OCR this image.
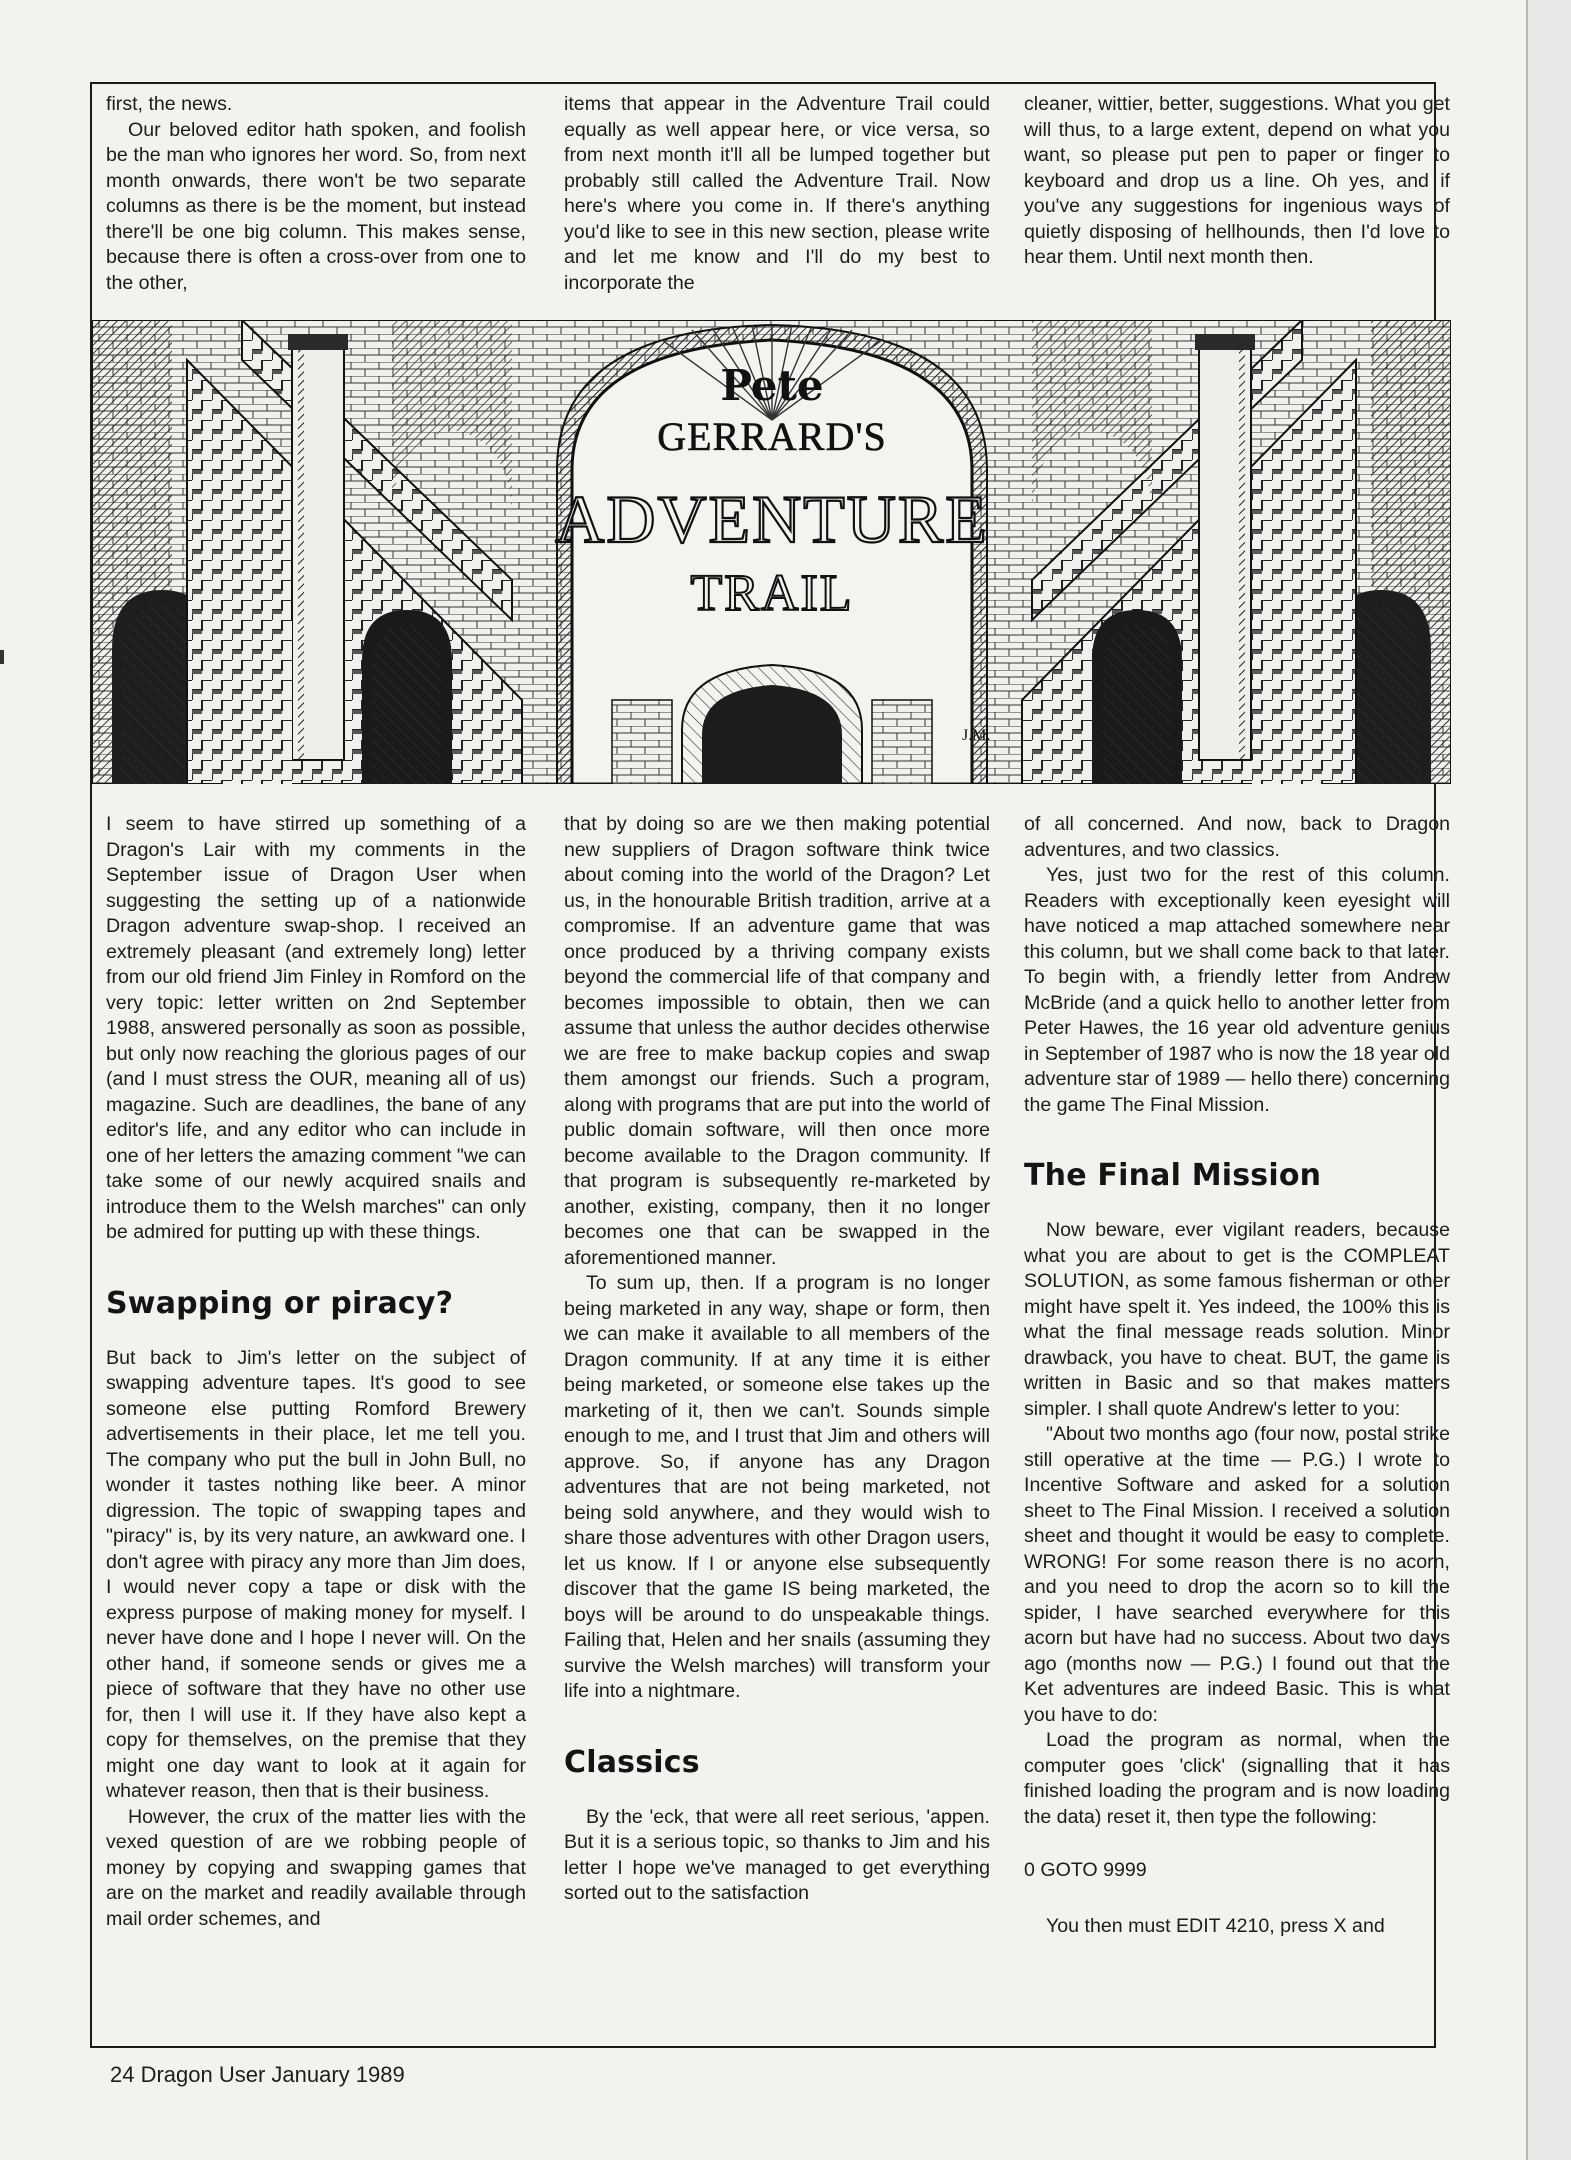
first, the news.

Our beloved editor hath spoken, and foolish be the man who ignores her word. So, from next month onwards, there won't be two separate columns as there is be the moment, but instead there'll be one big column. This makes sense, because there is often a cross-over from one to the other,

items that appear in the Adventure Trail could equally as well appear here, or vice versa, so from next month it'll all be lumped together but probably still called the Adventure Trail. Now here's where you come in. If there's anything you'd like to see in this new section, please write and let me know and I'll do my best to incorporate the

cleaner, wittier, better, suggestions. What you get will thus, to a large extent, depend on what you want, so please put pen to paper or finger to keyboard and drop us a line. Oh yes, and if you've any suggestions for ingenious ways of quietly disposing of hellhounds, then I'd love to hear them. Until next month then.

Pete
GERRARD'S
ADVENTURE
TRAIL
J.M.

I seem to have stirred up something of a Dragon's Lair with my comments in the September issue of Dragon User when suggesting the setting up of a nationwide Dragon adventure swap-shop. I received an extremely pleasant (and extremely long) letter from our old friend Jim Finley in Romford on the very topic: letter written on 2nd September 1988, answered personally as soon as possible, but only now reaching the glorious pages of our (and I must stress the OUR, meaning all of us) magazine. Such are deadlines, the bane of any editor's life, and any editor who can include in one of her letters the amazing comment "we can take some of our newly acquired snails and introduce them to the Welsh marches" can only be admired for putting up with these things.

Swapping or piracy?

But back to Jim's letter on the subject of swapping adventure tapes. It's good to see someone else putting Romford Brewery advertisements in their place, let me tell you. The company who put the bull in John Bull, no wonder it tastes nothing like beer. A minor digression. The topic of swapping tapes and "piracy" is, by its very nature, an awkward one. I don't agree with piracy any more than Jim does, I would never copy a tape or disk with the express purpose of making money for myself. I never have done and I hope I never will. On the other hand, if someone sends or gives me a piece of software that they have no other use for, then I will use it. If they have also kept a copy for themselves, on the premise that they might one day want to look at it again for whatever reason, then that is their business.

However, the crux of the matter lies with the vexed question of are we robbing people of money by copying and swapping games that are on the market and readily available through mail order schemes, and

that by doing so are we then making potential new suppliers of Dragon software think twice about coming into the world of the Dragon? Let us, in the honourable British tradition, arrive at a compromise. If an adventure game that was once produced by a thriving company exists beyond the commercial life of that company and becomes impossible to obtain, then we can assume that unless the author decides otherwise we are free to make backup copies and swap them amongst our friends. Such a program, along with programs that are put into the world of public domain software, will then once more become available to the Dragon community. If that program is subsequently re-marketed by another, existing, company, then it no longer becomes one that can be swapped in the aforementioned manner.

To sum up, then. If a program is no longer being marketed in any way, shape or form, then we can make it available to all members of the Dragon community. If at any time it is either being marketed, or someone else takes up the marketing of it, then we can't. Sounds simple enough to me, and I trust that Jim and others will approve. So, if anyone has any Dragon adventures that are not being marketed, not being sold anywhere, and they would wish to share those adventures with other Dragon users, let us know. If I or anyone else subsequently discover that the game IS being marketed, the boys will be around to do unspeakable things. Failing that, Helen and her snails (assuming they survive the Welsh marches) will transform your life into a nightmare.

Classics

By the 'eck, that were all reet serious, 'appen. But it is a serious topic, so thanks to Jim and his letter I hope we've managed to get everything sorted out to the satisfaction

of all concerned. And now, back to Dragon adventures, and two classics.

Yes, just two for the rest of this column. Readers with exceptionally keen eyesight will have noticed a map attached somewhere near this column, but we shall come back to that later. To begin with, a friendly letter from Andrew McBride (and a quick hello to another letter from Peter Hawes, the 16 year old adventure genius in September of 1987 who is now the 18 year old adventure star of 1989 — hello there) concerning the game The Final Mission.

The Final Mission

Now beware, ever vigilant readers, because what you are about to get is the COMPLEAT SOLUTION, as some famous fisherman or other might have spelt it. Yes indeed, the 100% this is what the final message reads solution. Minor drawback, you have to cheat. BUT, the game is written in Basic and so that makes matters simpler. I shall quote Andrew's letter to you:

"About two months ago (four now, postal strike still operative at the time — P.G.) I wrote to Incentive Software and asked for a solution sheet to The Final Mission. I received a solution sheet and thought it would be easy to complete. WRONG! For some reason there is no acorn, and you need to drop the acorn so to kill the spider, I have searched everywhere for this acorn but have had no success. About two days ago (months now — P.G.) I found out that the Ket adventures are indeed Basic. This is what you have to do:

Load the program as normal, when the computer goes 'click' (signalling that it has finished loading the program and is now loading the data) reset it, then type the following:

0 GOTO 9999

You then must EDIT 4210, press X and

24 Dragon User January 1989
